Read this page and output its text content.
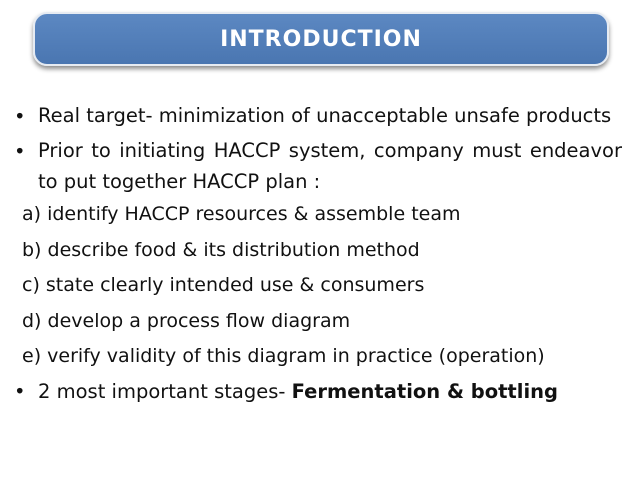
INTRODUCTION
• Real target- minimization of unacceptable unsafe products
• Prior to initiating HACCP system, company must endeavor to put together HACCP plan :
a) identify HACCP resources & assemble team
b) describe food & its distribution method
c) state clearly intended use & consumers
d) develop a process flow diagram
e) verify validity of this diagram in practice (operation)
• 2 most important stages- Fermentation & bottling
